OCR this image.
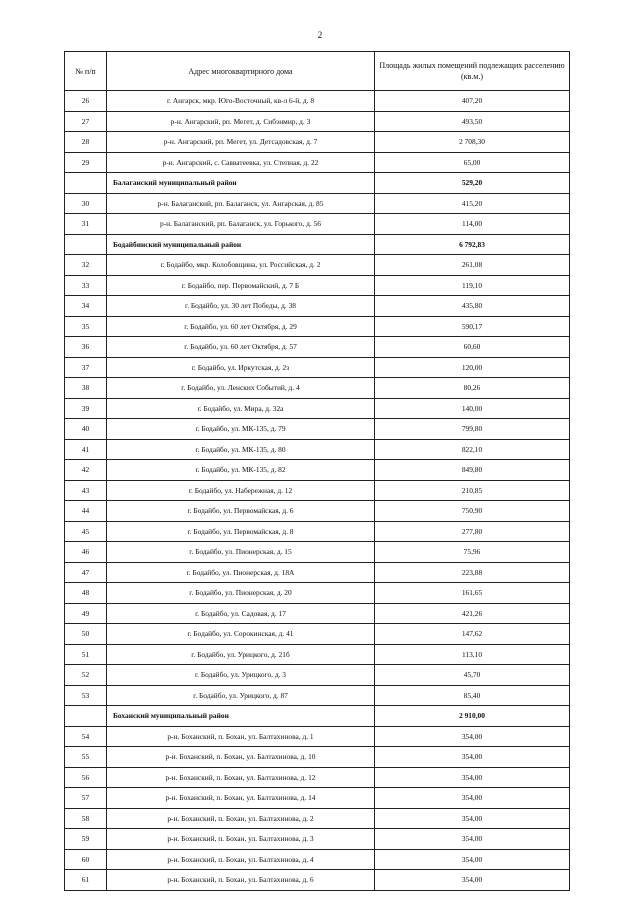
2
№ п/п	Адрес многоквартирного дома	Площадь жилых помещений подлежащих расселению (кв.м.)
26	г. Ангарск, мкр. Юго-Восточный, кв-л 6-й, д. 8	407,20
27	р-н. Ангарский, рп. Мегет, д. Сибэнмир, д. 3	493,50
28	р-н. Ангарский, рп. Мегет, ул. Детсадовская, д. 7	2 708,30
29	р-н. Ангарский, с. Савватеевка, ул. Степная, д. 22	65,00
	Балаганский муниципальный район	529,20
30	р-н. Балаганский, рп. Балаганск, ул. Ангарская, д. 85	415,20
31	р-н. Балаганский, рп. Балаганск, ул. Горького, д. 56	114,00
	Бодайбинский муниципальный район	6 792,83
32	г. Бодайбо, мкр. Колобовщина, ул. Российская, д. 2	261,08
33	г. Бодайбо, пер. Первомайский, д. 7 Б	119,10
34	г. Бодайбо, ул. 30 лет Победы, д. 38	435,80
35	г. Бодайбо, ул. 60 лет Октября, д. 29	590,17
36	г. Бодайбо, ул. 60 лет Октября, д. 57	60,60
37	г. Бодайбо, ул. Иркутская, д. 2з	120,00
38	г. Бодайбо, ул. Ленских Событий, д. 4	80,26
39	г. Бодайбо, ул. Мира, д. 32а	140,00
40	г. Бодайбо, ул. МК-135, д. 79	799,80
41	г. Бодайбо, ул. МК-135, д. 80	822,10
42	г. Бодайбо, ул. МК-135, д. 82	849,80
43	г. Бодайбо, ул. Набережная, д. 12	210,85
44	г. Бодайбо, ул. Первомайская, д. 6	750,90
45	г. Бодайбо, ул. Первомайская, д. 8	277,80
46	г. Бодайбо, ул. Пионерская, д. 15	75,96
47	г. Бодайбо, ул. Пионерская, д. 18А	223,88
48	г. Бодайбо, ул. Пионерская, д. 20	161,65
49	г. Бодайбо, ул. Садовая, д. 17	421,26
50	г. Бодайбо, ул. Сорокинская, д. 41	147,62
51	г. Бодайбо, ул. Урицкого, д. 21б	113,10
52	г. Бодайбо, ул. Урицкого, д. 3	45,70
53	г. Бодайбо, ул. Урицкого, д. 87	85,40
	Боханский муниципальный район	2 910,00
54	р-н. Боханский, п. Бохан, ул. Балтахинова, д. 1	354,00
55	р-н. Боханский, п. Бохан, ул. Балтахинова, д. 10	354,00
56	р-н. Боханский, п. Бохан, ул. Балтахинова, д. 12	354,00
57	р-н. Боханский, п. Бохан, ул. Балтахинова, д. 14	354,00
58	р-н. Боханский, п. Бохан, ул. Балтахинова, д. 2	354,00
59	р-н. Боханский, п. Бохан, ул. Балтахинова, д. 3	354,00
60	р-н. Боханский, п. Бохан, ул. Балтахинова, д. 4	354,00
61	р-н. Боханский, п. Бохан, ул. Балтахинова, д. 6	354,00
